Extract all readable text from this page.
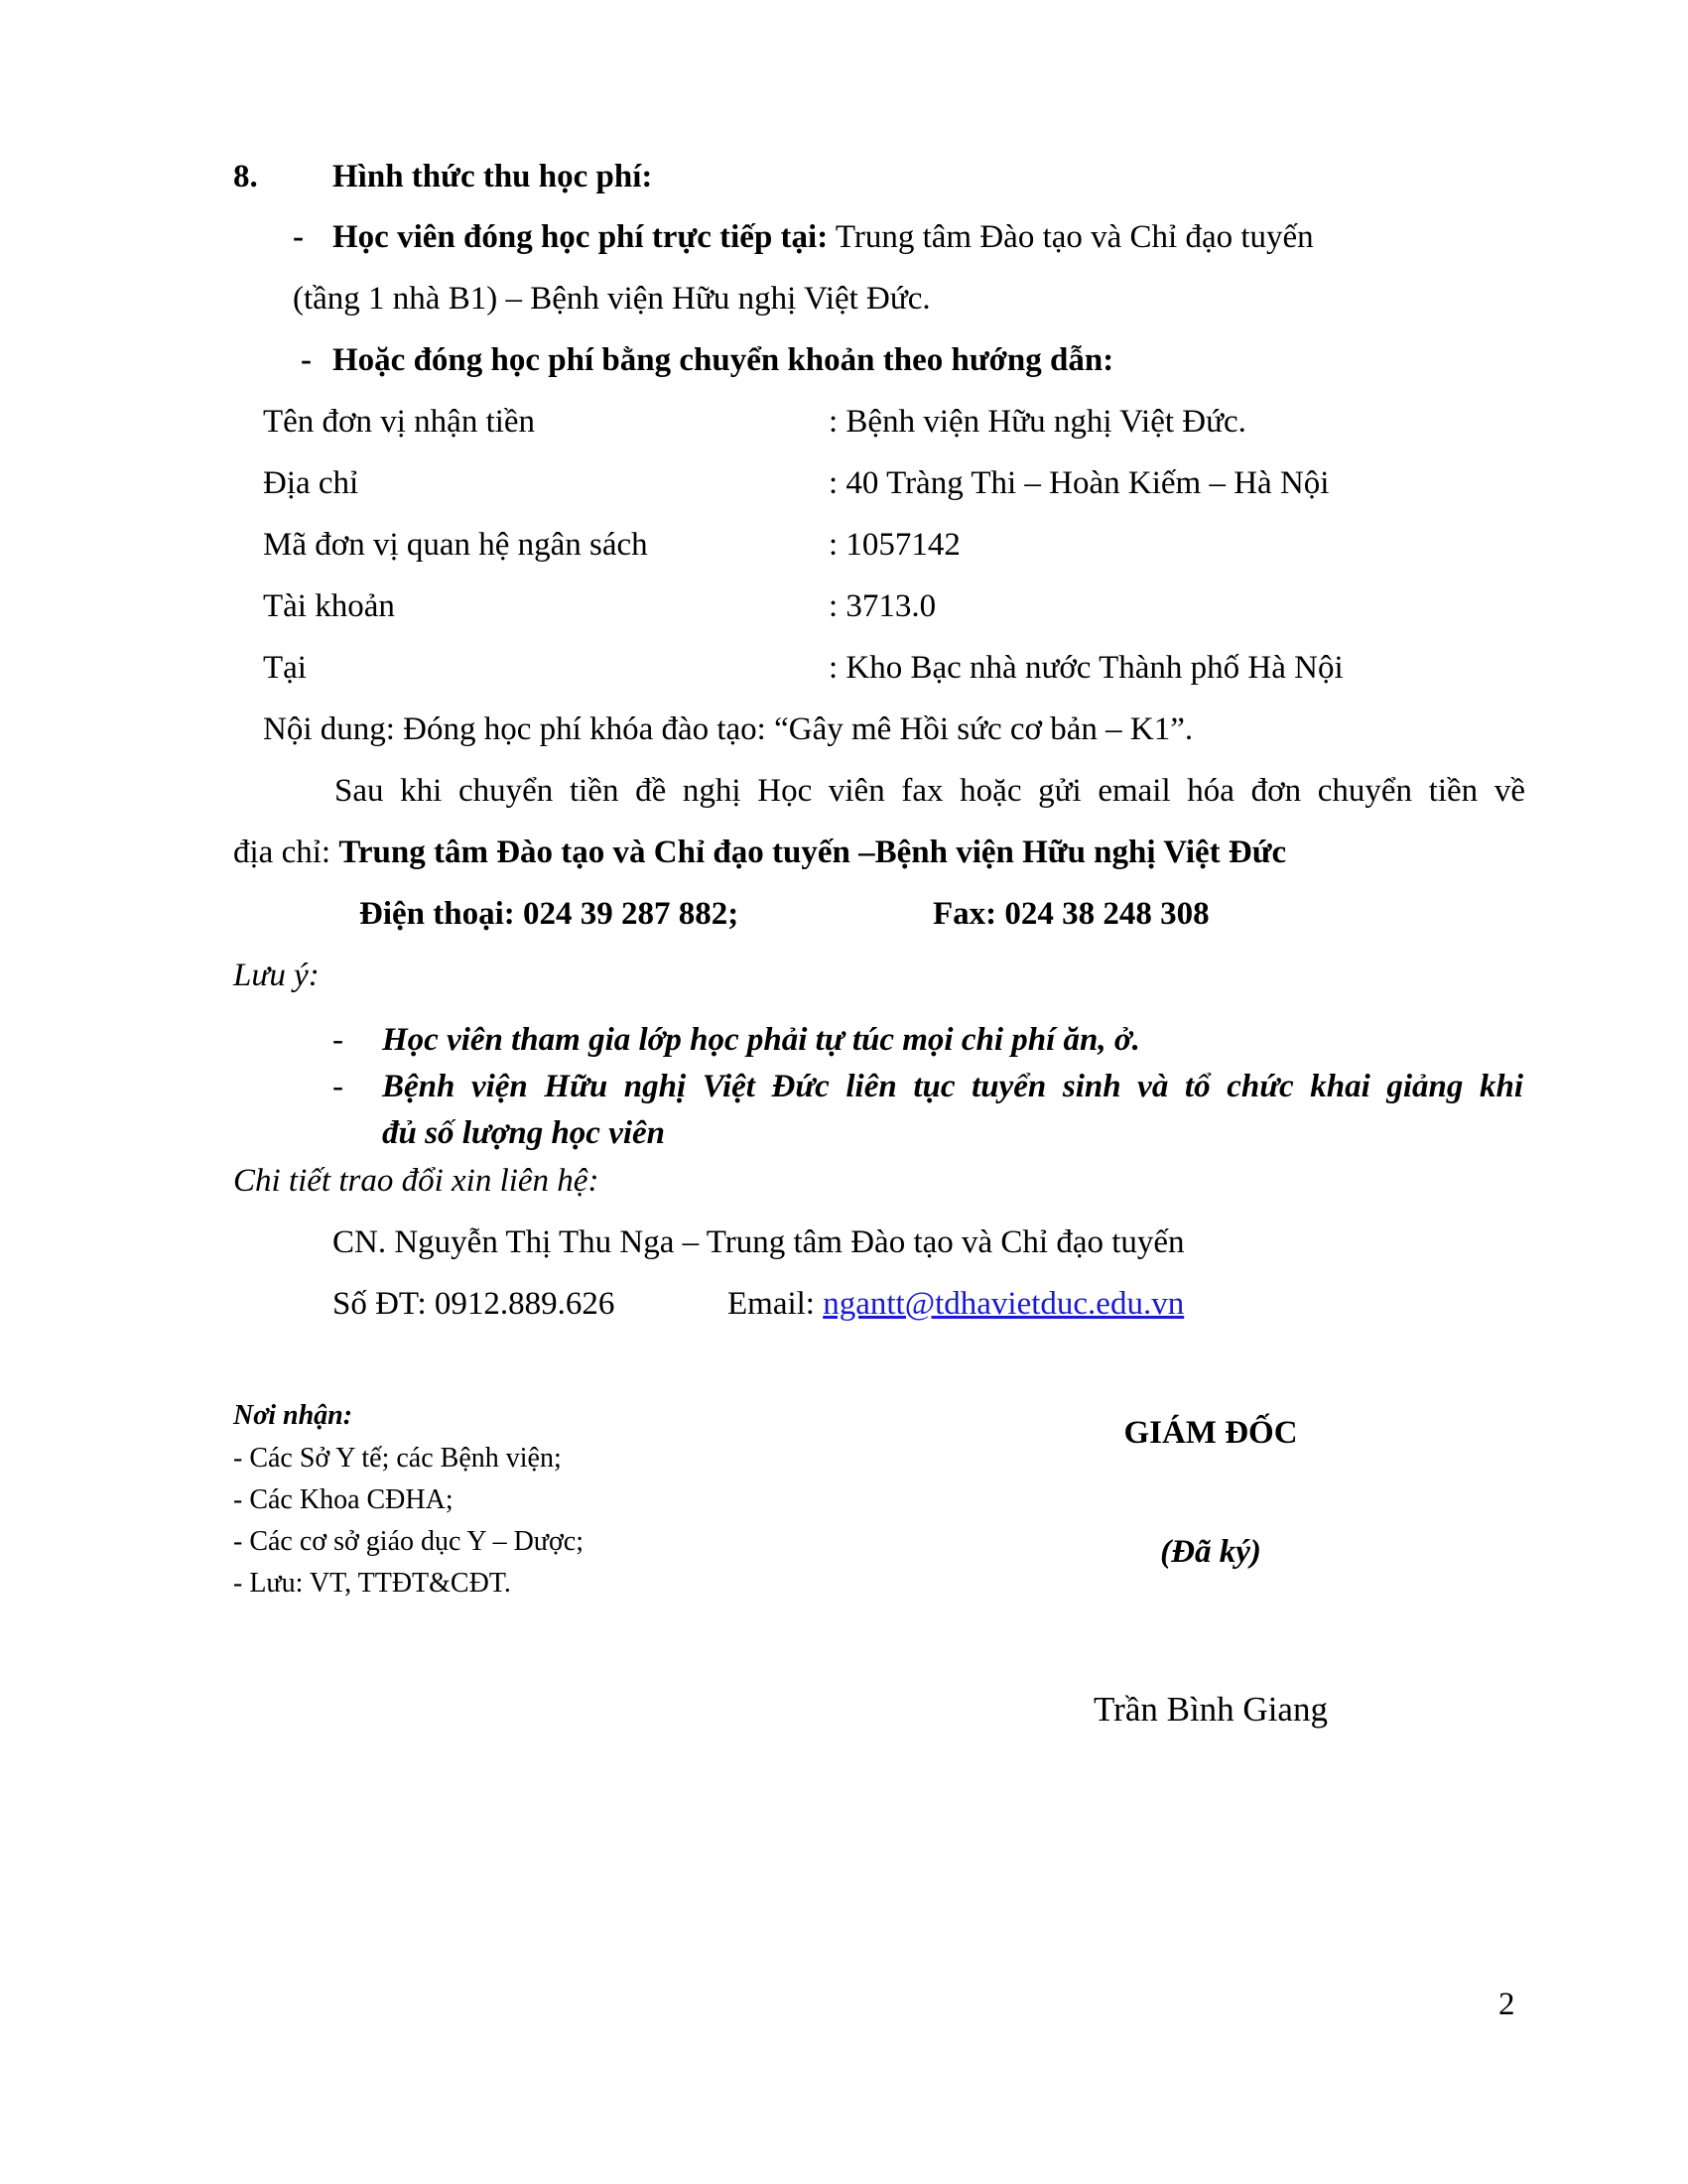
8. Hình thức thu học phí:
- Học viên đóng học phí trực tiếp tại: Trung tâm Đào tạo và Chỉ đạo tuyến
(tầng 1 nhà B1) – Bệnh viện Hữu nghị Việt Đức.
- Hoặc đóng học phí bằng chuyển khoản theo hướng dẫn:
Tên đơn vị nhận tiền	: Bệnh viện Hữu nghị Việt Đức.
Địa chỉ	: 40 Tràng Thi – Hoàn Kiếm – Hà Nội
Mã đơn vị quan hệ ngân sách	: 1057142
Tài khoản	: 3713.0
Tại	: Kho Bạc nhà nước Thành phố Hà Nội
Nội dung: Đóng học phí khóa đào tạo: “Gây mê Hồi sức cơ bản – K1”.
Sau khi chuyển tiền đề nghị Học viên fax hoặc gửi email hóa đơn chuyển tiền về
địa chỉ: Trung tâm Đào tạo và Chỉ đạo tuyến –Bệnh viện Hữu nghị Việt Đức
Điện thoại: 024 39 287 882;	Fax: 024 38 248 308
Lưu ý:
- Học viên tham gia lớp học phải tự túc mọi chi phí ăn, ở.
- Bệnh viện Hữu nghị Việt Đức liên tục tuyển sinh và tổ chức khai giảng khi
đủ số lượng học viên
Chi tiết trao đổi xin liên hệ:
CN. Nguyễn Thị Thu Nga – Trung tâm Đào tạo và Chỉ đạo tuyến
Số ĐT: 0912.889.626	Email: ngantt@tdhavietduc.edu.vn
Nơi nhận:
- Các Sở Y tế; các Bệnh viện;
- Các Khoa CĐHA;
- Các cơ sở giáo dục Y – Dược;
- Lưu: VT, TTĐT&CĐT.
GIÁM ĐỐC
(Đã ký)
Trần Bình Giang
2
